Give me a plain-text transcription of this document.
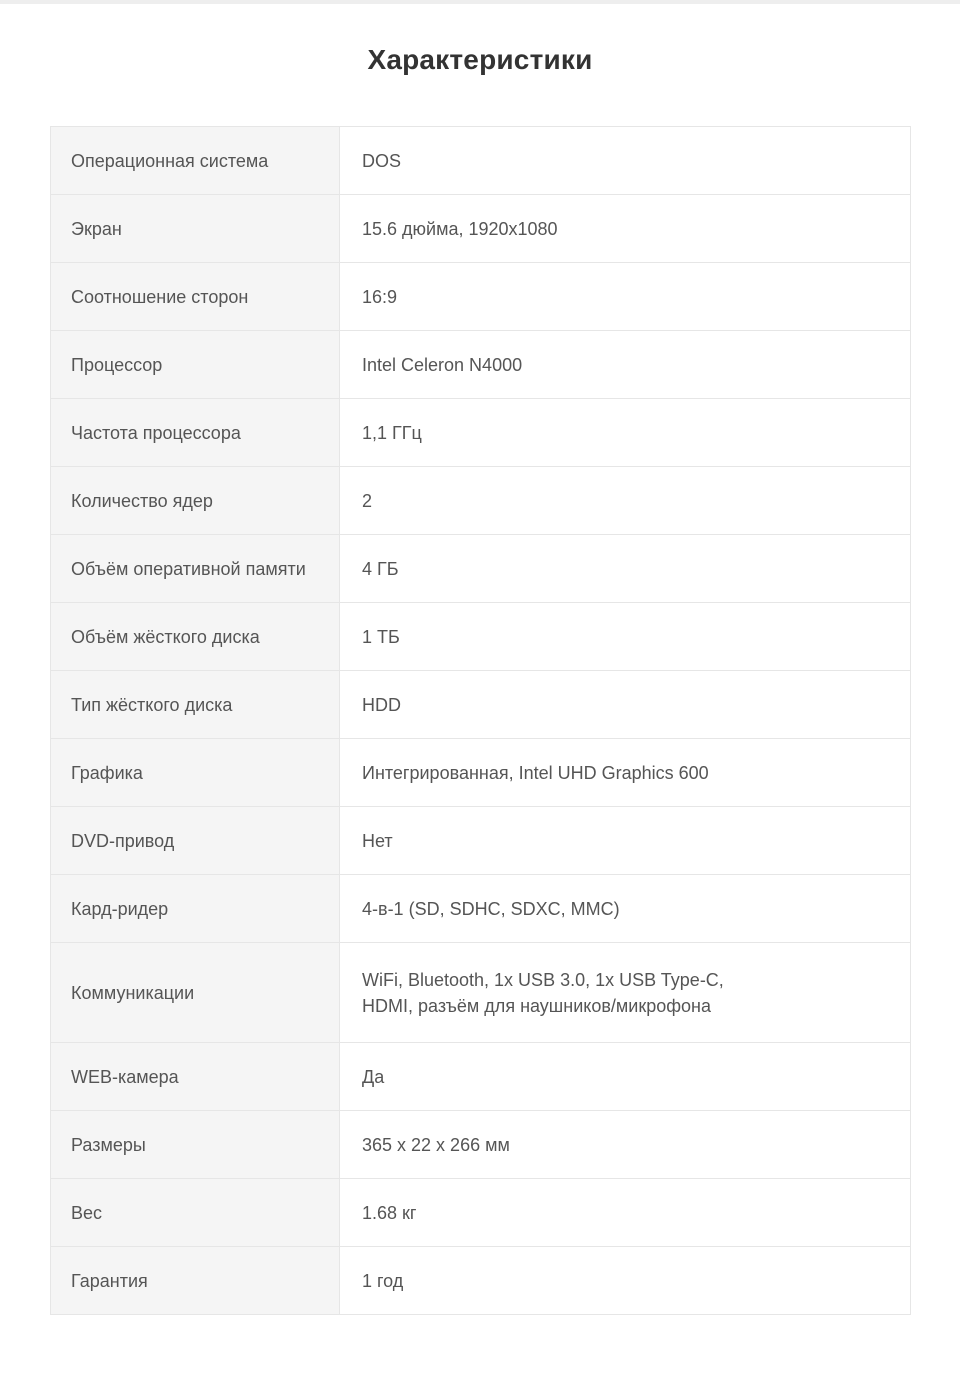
Характеристики
Операционная система	DOS
Экран	15.6 дюйма, 1920x1080
Соотношение сторон	16:9
Процессор	Intel Celeron N4000
Частота процессора	1,1 ГГц
Количество ядер	2
Объём оперативной памяти	4 ГБ
Объём жёсткого диска	1 ТБ
Тип жёсткого диска	HDD
Графика	Интегрированная, Intel UHD Graphics 600
DVD-привод	Нет
Кард-ридер	4-в-1 (SD, SDHC, SDXC, MMC)
Коммуникации	WiFi, Bluetooth, 1x USB 3.0, 1x USB Type-C,
HDMI, разъём для наушников/микрофона

WEB-камера	Да
Размеры	365 x 22 x 266 мм
Вес	1.68 кг
Гарантия	1 год
